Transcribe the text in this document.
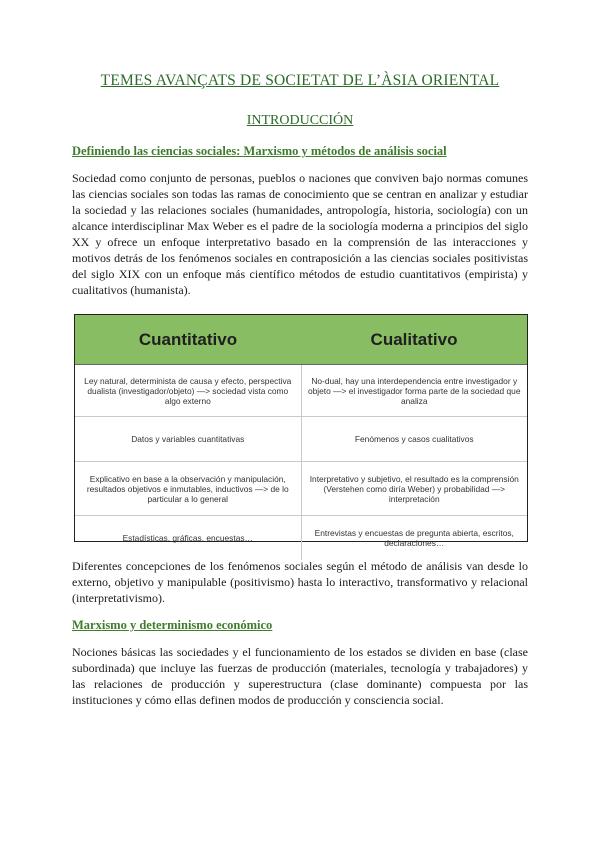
TEMES AVANÇATS DE SOCIETAT DE L’ÀSIA ORIENTAL
INTRODUCCIÓN
Definiendo las ciencias sociales: Marxismo y métodos de análisis social
Sociedad como conjunto de personas, pueblos o naciones que conviven bajo normas comunes las ciencias sociales son todas las ramas de conocimiento que se centran en analizar y estudiar la sociedad y las relaciones sociales (humanidades, antropología, historia, sociología) con un alcance interdisciplinar Max Weber es el padre de la sociología moderna a principios del siglo XX y ofrece un enfoque interpretativo basado en la comprensión de las interacciones y motivos detrás de los fenómenos sociales en contraposición a las ciencias sociales positivistas del siglo XIX con un enfoque más científico métodos de estudio cuantitativos (empirista) y cualitativos (humanista).
Cuantitativo	Cualitativo
Ley natural, determinista de causa y efecto, perspectiva dualista (investigador/objeto) —> sociedad vista como algo externo	No-dual, hay una interdependencia entre investigador y objeto —> el investigador forma parte de la sociedad que analiza
Datos y variables cuantitativas	Fenómenos y casos cualitativos
Explicativo en base a la observación y manipulación, resultados objetivos e inmutables, inductivos —> de lo particular a lo general	Interpretativo y subjetivo, el resultado es la comprensión (Verstehen como diría Weber) y probabilidad —> interpretación
Estadísticas, gráficas, encuestas…	Entrevistas y encuestas de pregunta abierta, escritos, declaraciones…
Diferentes concepciones de los fenómenos sociales según el método de análisis van desde lo externo, objetivo y manipulable (positivismo) hasta lo interactivo, transformativo y relacional (interpretativismo).
Marxismo y determinismo económico
Nociones básicas las sociedades y el funcionamiento de los estados se dividen en base (clase subordinada) que incluye las fuerzas de producción (materiales, tecnología y trabajadores) y las relaciones de producción y superestructura (clase dominante) compuesta por las instituciones y cómo ellas definen modos de producción y consciencia social.
